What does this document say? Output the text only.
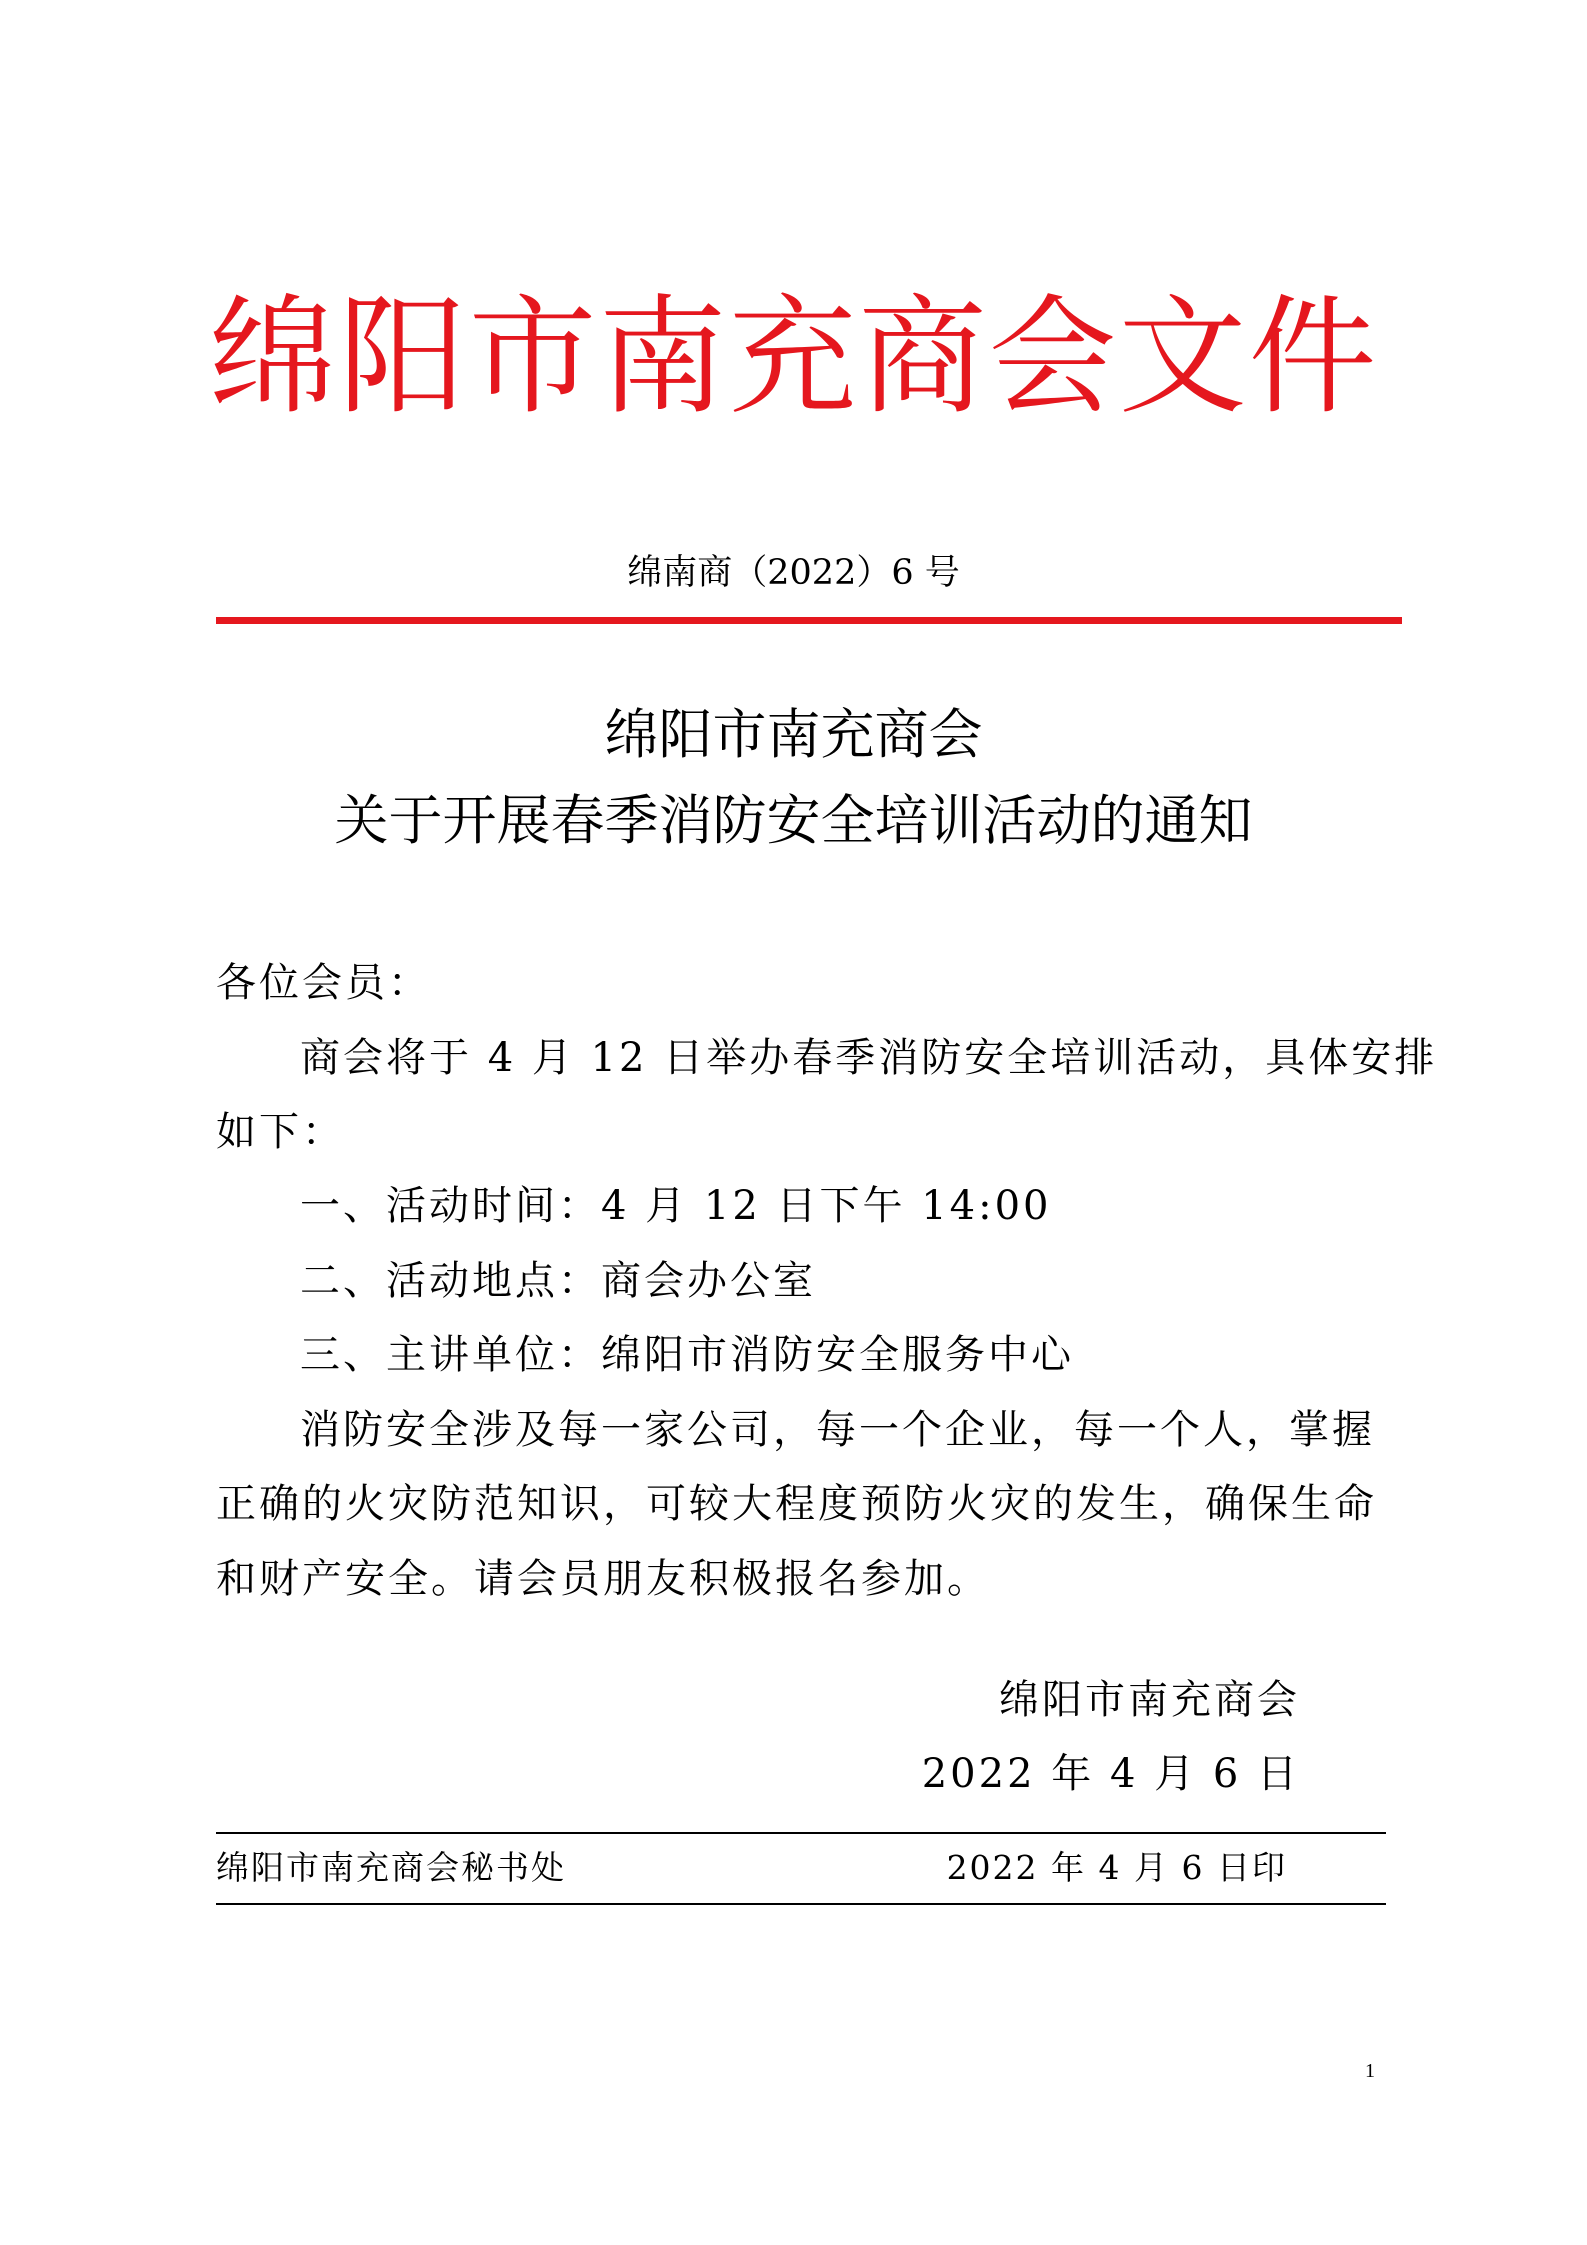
绵阳市南充商会文件
绵南商（2022）6 号
绵阳市南充商会
关于开展春季消防安全培训活动的通知
各位会员：
商会将于 4 月 12 日举办春季消防安全培训活动，具体安排
如下：
一、活动时间：4 月 12 日下午 14:00
二、活动地点：商会办公室
三、主讲单位：绵阳市消防安全服务中心
消防安全涉及每一家公司，每一个企业，每一个人，掌握
正确的火灾防范知识，可较大程度预防火灾的发生，确保生命
和财产安全。请会员朋友积极报名参加。
绵阳市南充商会
2022 年 4 月 6 日
绵阳市南充商会秘书处	2022 年 4 月 6 日印
1
